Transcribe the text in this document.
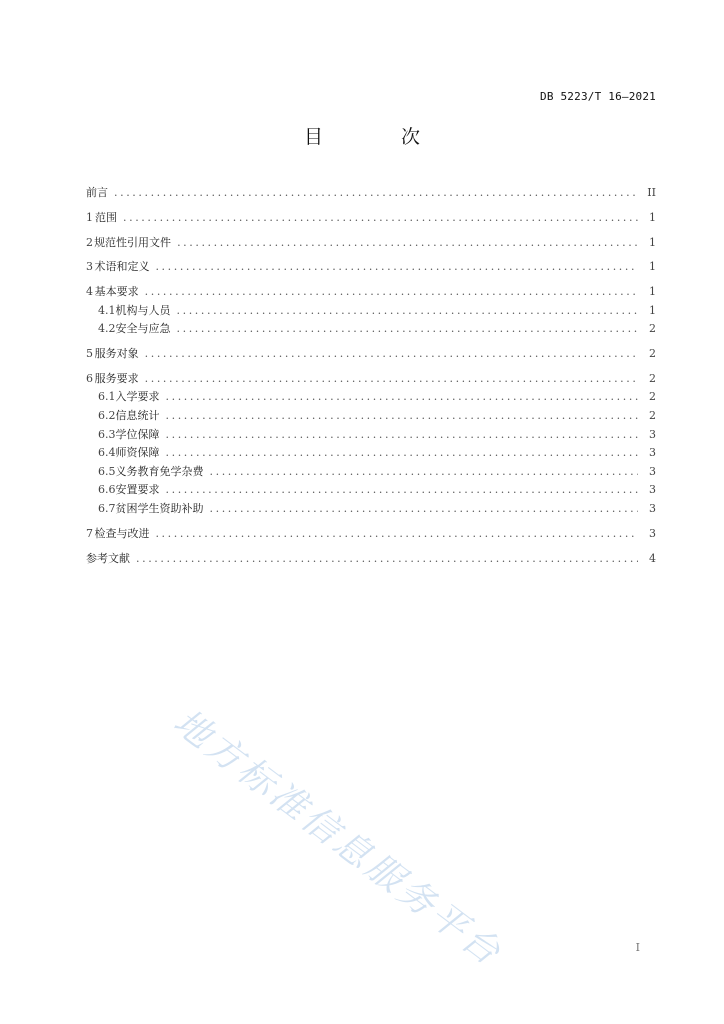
DB 5223/T 16—2021
目 次
前言 .....	II
1 范围 .....	1
2 规范性引用文件 .....	1
3 术语和定义 .....	1
4 基本要求 .....	1
4.1 机构与人员 .....	1
4.2 安全与应急 .....	2
5 服务对象 .....	2
6 服务要求 .....	2
6.1 入学要求 .....	2
6.2 信息统计 .....	2
6.3 学位保障 .....	3
6.4 师资保障 .....	3
6.5 义务教育免学杂费 .....	3
6.6 安置要求 .....	3
6.7 贫困学生资助补助 .....	3
7 检查与改进 .....	3
参考文献 .....	4
地方标准信息服务平台	I
